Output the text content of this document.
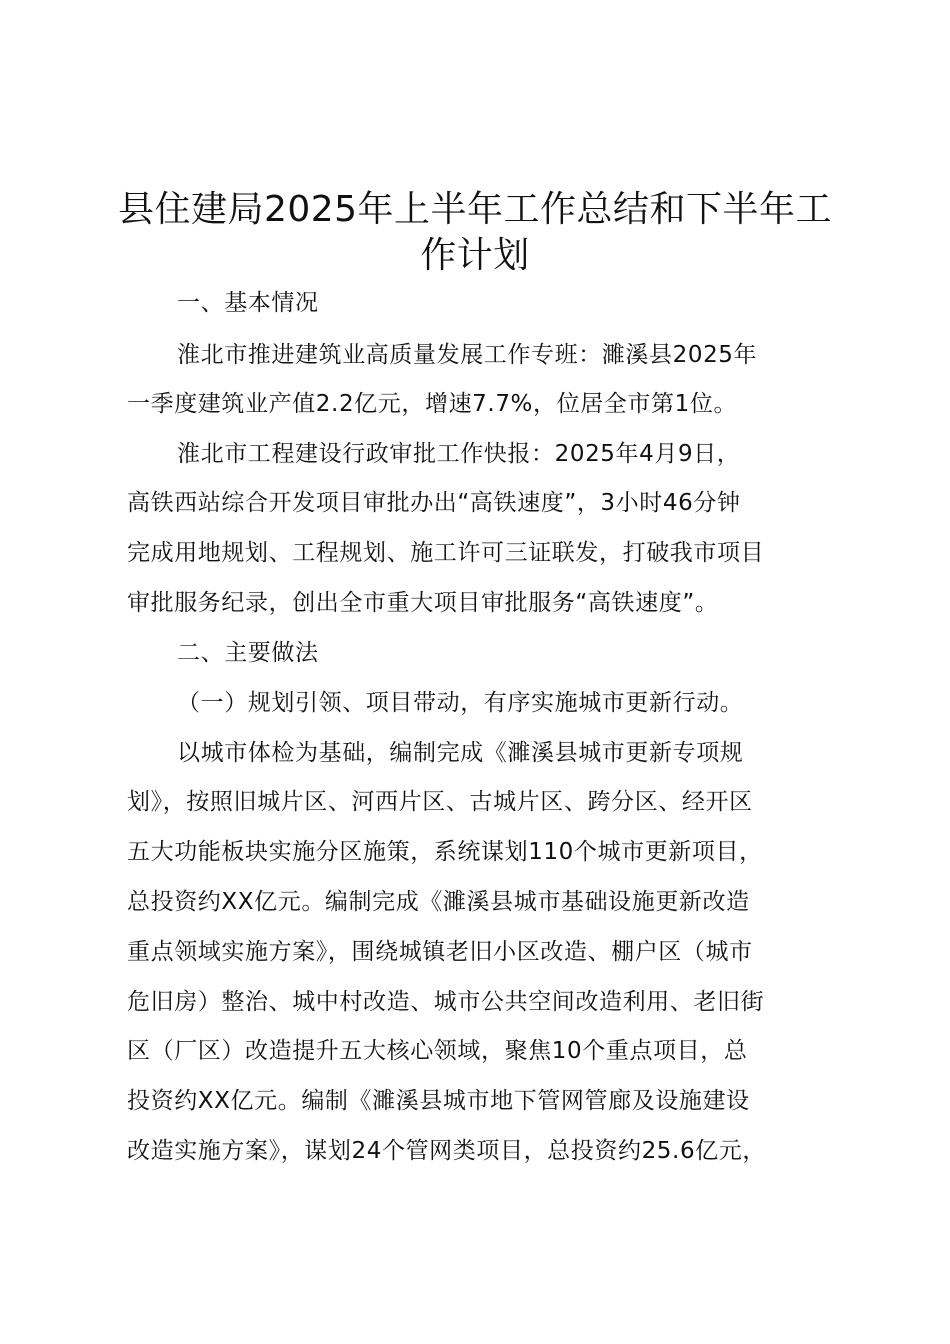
县住建局2025年上半年工作总结和下半年工
作计划
一、基本情况
淮北市推进建筑业高质量发展工作专班：濉溪县2025年
一季度建筑业产值2.2亿元，增速7.7%，位居全市第1位。
淮北市工程建设行政审批工作快报：2025年4月9日，
高铁西站综合开发项目审批办出“高铁速度”，3小时46分钟
完成用地规划、工程规划、施工许可三证联发，打破我市项目
审批服务纪录，创出全市重大项目审批服务“高铁速度”。
二、主要做法
（一）规划引领、项目带动，有序实施城市更新行动。
以城市体检为基础，编制完成《濉溪县城市更新专项规
划》，按照旧城片区、河西片区、古城片区、跨分区、经开区
五大功能板块实施分区施策，系统谋划110个城市更新项目，
总投资约XX亿元。编制完成《濉溪县城市基础设施更新改造
重点领域实施方案》，围绕城镇老旧小区改造、棚户区（城市
危旧房）整治、城中村改造、城市公共空间改造利用、老旧街
区（厂区）改造提升五大核心领域，聚焦10个重点项目，总
投资约XX亿元。编制《濉溪县城市地下管网管廊及设施建设
改造实施方案》，谋划24个管网类项目，总投资约25.6亿元，
